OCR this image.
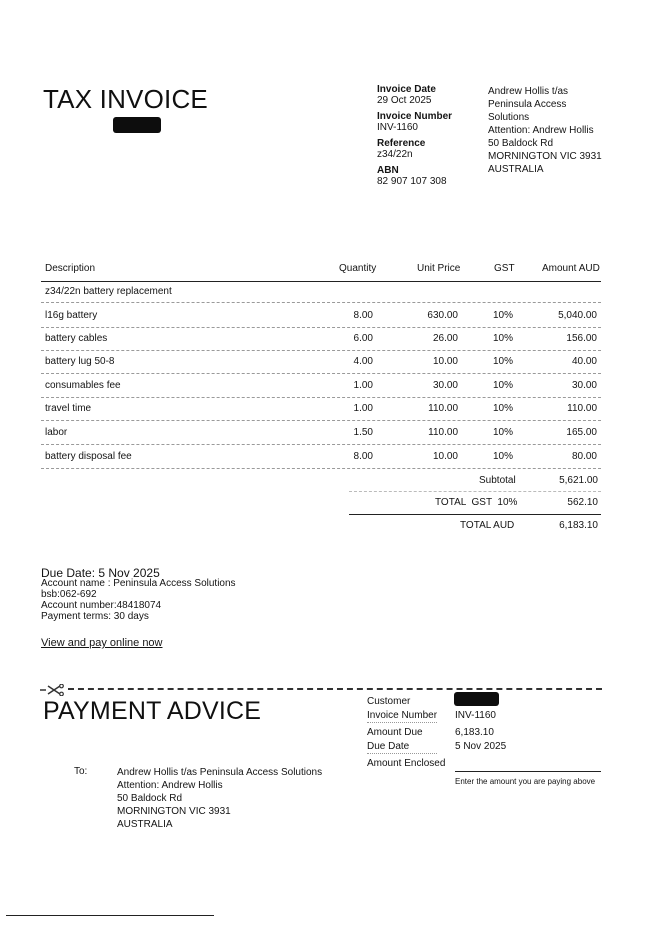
TAX INVOICE	Invoice Date
29 Oct 2025
Invoice Number
INV-1160
Reference
z34/22n
ABN
82 907 107 308
Andrew Hollis t/as
Peninsula Access
Solutions
Attention: Andrew Hollis
50 Baldock Rd
MORNINGTON VIC 3931
AUSTRALIA
Description	Quantity	Unit Price	GST	Amount AUD
z34/22n battery replacement
l16g battery	8.00	630.00	10%	5,040.00
battery cables	6.00	26.00	10%	156.00
battery lug 50-8	4.00	10.00	10%	40.00
consumables fee	1.00	30.00	10%	30.00
travel time	1.00	110.00	10%	110.00
labor	1.50	110.00	10%	165.00
battery disposal fee	8.00	10.00	10%	80.00
Subtotal	5,621.00
TOTAL  GST  10%	562.10
TOTAL AUD	6,183.10
Due Date: 5 Nov 2025
Account name : Peninsula Access Solutions
bsb:062-692
Account number:48418074
Payment terms: 30 days
View and pay online now
PAYMENT ADVICE	Customer
Invoice Number INV-1160
Amount Due	6,183.10
Due Date	5 Nov 2025
Amount Enclosed
Enter the amount you are paying above
To:	Andrew Hollis t/as Peninsula Access Solutions
Attention: Andrew Hollis
50 Baldock Rd
MORNINGTON VIC 3931
AUSTRALIA
